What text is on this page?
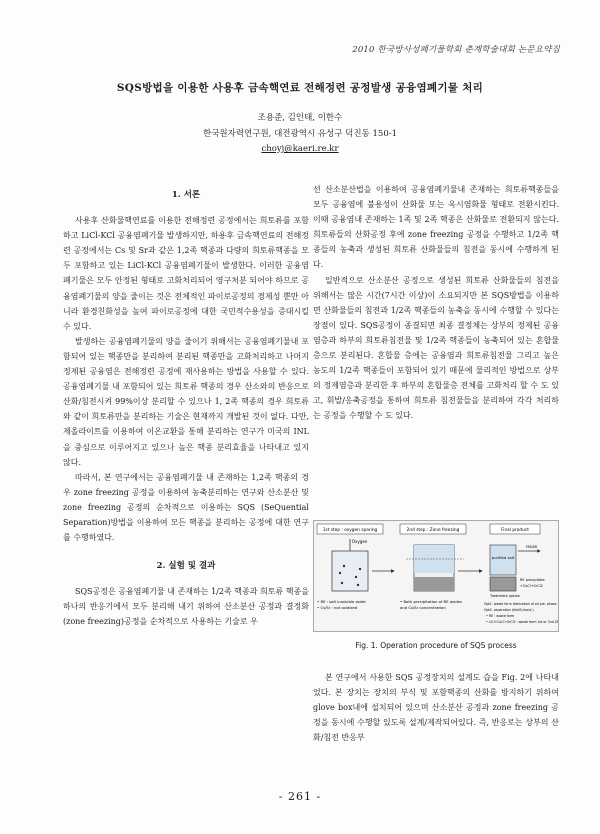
2010 한국방사성폐기물학회 춘계학술대회 논문요약집
SQS방법을 이용한 사용후 금속핵연료 전해정련 공정발생 공융염폐기물 처리
조용준, 김인태, 이한수
한국원자력연구원, 대전광역시 유성구 덕진동 150-1
choyj@kaeri.re.kr
1. 서론

사용후 산화물핵연료를 이용한 전해정련 공정에서는 희토류를 포함하고 LiCl-KCl 공융염폐기물 발생하지만, 하용후 금속핵연료의 전해정련 공정에서는 Cs 및 Sr과 같은 1,2족 핵종과 다량의 희토류핵종을 모두 포함하고 있는 LiCl-KCl 공융염폐기물이 발생한다. 이러한 공융염폐기물은 모두 안정된 형태로 고화처리되어 영구처분 되어야 하므로 공융염폐기물의 양을 줄이는 것은 전체적인 파이로공정의 경제성 뿐만 아니라 환경친화성을 높여 파이로공정에 대한 국민적수용성을 증대시킬 수 있다.

발생하는 공융염폐기물의 양을 줄이기 위해서는 공융염폐기물내 포함되어 있는 핵종만을 분리하여 분리된 핵종만을 고화처리하고 나머지 정제된 공융염은 전해정련 공정에 재사용하는 방법을 사용할 수 있다. 공융염폐기물 내 포함되어 있는 희토류 핵종의 경우 산소와의 반응으로 산화/침전시켜 99%이상 분리할 수 있으나 1, 2족 핵종의 경우 희토류와 같이 희토류만을 분리하는 기술은 현재까지 개발된 것이 없다. 다만, 제올라이트를 이용하여 이온교환을 통해 분리하는 연구가 미국의 INL을 중심으로 이루어지고 있으나 높은 핵종 분리효율을 나타내고 있지 않다.

따라서, 본 연구에서는 공융염폐기물 내 존재하는 1,2족 핵종의 경우 zone freezing 공정을 이용하여 농축분리하는 연구와 산소분산 및 zone freezing 공정의 순차적으로 이용하는 SQS (SeQuential Separation)방법을 이용하여 모든 핵종을 분리하는 공정에 대한 연구를 수행하였다.

2. 실험 및 결과

SQS공정은 공융염폐기물 내 존재하는 1/2족 핵종과 희토류 핵종을 하나의 반응기에서 모두 분리해 내기 위하여 산소분산 공정과 결정화(zone freezing)공정을 순차적으로 사용하는 기술로 우

선 산소분산법을 이용하여 공융염폐기물내 존재하는 희토류핵종들을 모두 공융염에 불용성이 산화물 또는 옥시염화물 형태로 전환시킨다. 이때 공융염내 존재하는 1족 및 2족 핵종은 산화물로 전환되지 않는다. 희토류들의 산화공정 후에 zone freezing 공정을 수행하고 1/2족 핵종들의 농축과 생성된 희토류 산화물들의 침전을 동시에 수행하게 된다.

일반적으로 산소분산 공정으로 생성된 희토류 산화물들의 침전을 위해서는 많은 시간(7시간 이상)이 소요되지만 본 SQS방법을 이용하면 산화물들의 침전과 1/2족 핵종들의 농축을 동시에 수행할 수 있다는 장점이 있다. SQS공정이 종결되면 최종 결정체는 상부의 정제된 공융염층과 하부의 희토류침전물 및 1/2족 핵종들이 농축되어 있는 혼합물층으로 분리된다. 혼합물 층에는 공융염과 희토류침전물 그리고 높은 농도의 1/2족 핵종들이 포함되어 있기 때문에 물리적인 방법으로 상부의 정제염층과 분리한 후 하부의 혼합물층 전체를 고화처리 할 수 도 있고, 휘발/응축공정을 통하여 희토류 침전물들을 분리하여 각각 처리하는 공정을 수행할 수 도 있다.

1st step : oxygen sparing	2nd step : Zone freezing	Final product
Oxygen
• RE : salt insoluble oxide
• Cs/Sr : not oxidized
• Both precipitation of RE oxides
and Cs/Sr concentration
purified salt
reuse
RE precipitate
+CsCl+SrCl2
Treatment option
Opt1. waste form fabrication of all pre. phase
Opt2. separation (distill./cond.)
• RE : waste form
• LiCl+CsCl+SrCl2 : waste form 1st or 2nd ZF
Fig. 1. Operation procedure of SQS process

본 연구에서 사용한 SQS 공정장치의 설계도 습을 Fig. 2에 나타내었다. 본 장치는 장치의 부식 및 포함핵종의 산화를 방지하기 위하여 glove box내에 설치되어 있으며 산소분산 공정과 zone freezing 공정을 동시에 수행할 있도록 설계/제작되어있다. 즉, 반응로는 상부의 산화/침전 반응부

- 261 -
